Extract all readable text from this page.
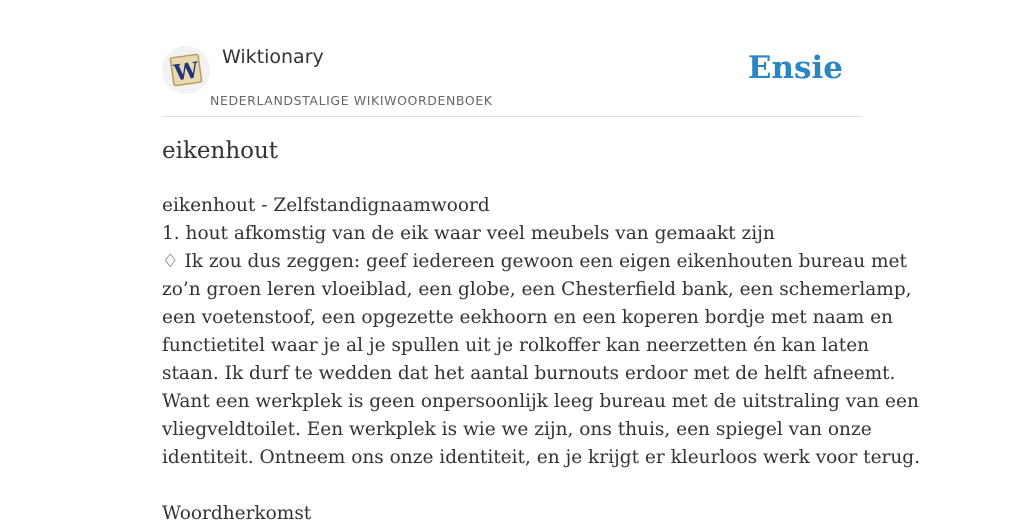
W
Wiktionary
NEDERLANDSTALIGE WIKIWOORDENBOEK
Ensie
eikenhout
eikenhout - Zelfstandignaamwoord
1. hout afkomstig van de eik waar veel meubels van gemaakt zijn
♢ Ik zou dus zeggen: geef iedereen gewoon een eigen eikenhouten bureau met
zo’n groen leren vloeiblad, een globe, een Chesterfield bank, een schemerlamp,
een voetenstoof, een opgezette eekhoorn en een koperen bordje met naam en
functietitel waar je al je spullen uit je rolkoffer kan neerzetten én kan laten
staan. Ik durf te wedden dat het aantal burnouts erdoor met de helft afneemt.
Want een werkplek is geen onpersoonlijk leeg bureau met de uitstraling van een
vliegveldtoilet. Een werkplek is wie we zijn, ons thuis, een spiegel van onze
identiteit. Ontneem ons onze identiteit, en je krijgt er kleurloos werk voor terug.
Woordherkomst
